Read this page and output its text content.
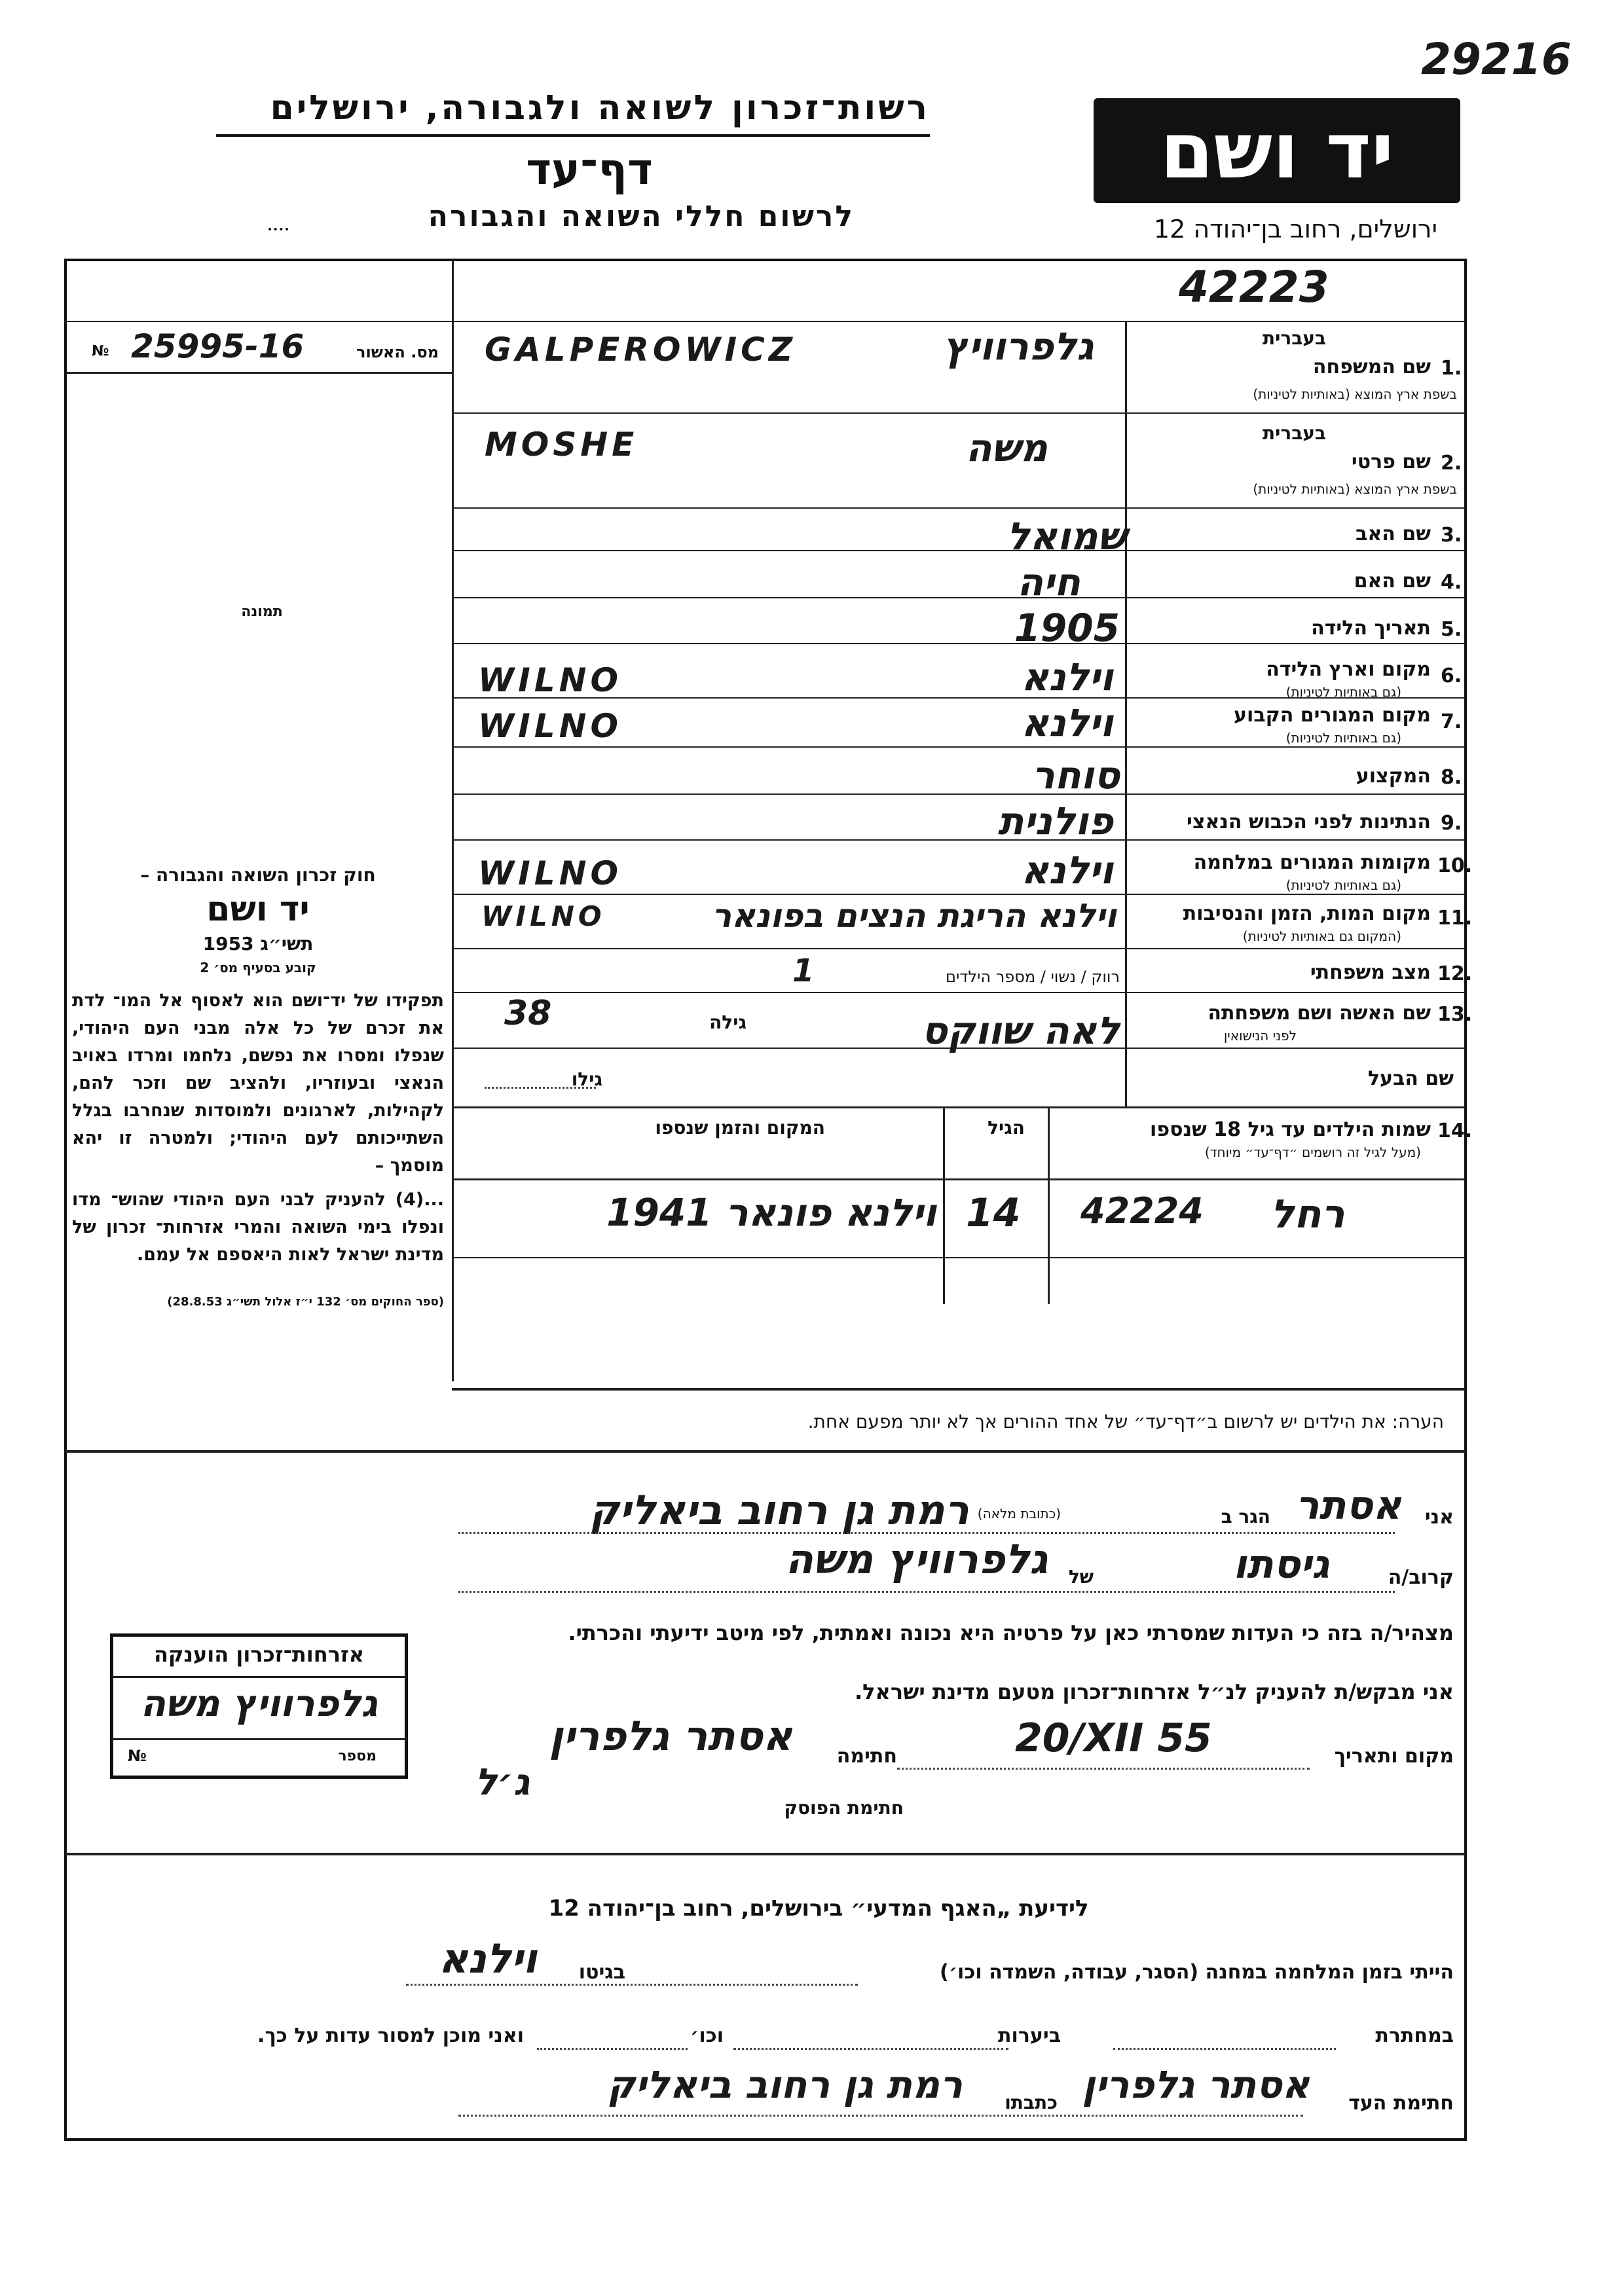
29216
יד ושם
רשות־זכרון לשואה ולגבורה, ירושלים
דף־עד
לרשום חללי השואה והגבורה	ירושלים, רחוב בן־יהודה 12
42223
№ 25995-16	מס. האשור
תמונה

חוק זכרון השואה והגבורה –

יד ושם

תשי״ג 1953

קובע בסעיף מס׳ 2

תפקידו של יד־ושם הוא לאסוף אל המו־ לדת את זכרם של כל אלה מבני העם היהודי, שנפלו ומסרו את נפשם, נלחמו ומרדו באויב הנאצי ובעוזריו, ולהציב שם וזכר להם, לקהילות, לארגונים ולמוסדות שנחרבו בגלל השתייכותם לעם היהודי; ולמטרה זו יהא מוסמך –

...(4) להעניק לבני העם היהודי שהוש־ מדו ונפלו בימי השואה והמרי אזרחות־ זכרון של מדינת ישראל לאות היאספם אל עמם.

(ספר החוקים מס׳ 132 י״ז אלול תשי״ג 28.8.53)

בעברית
1.
שם המשפחה
בשפת ארץ המוצא (באותיות לטיניות)
גלפרוויץ
GALPEROWICZ
בעברית
2.
שם פרטי
בשפת ארץ המוצא (באותיות לטיניות)
משה
MOSHE
3.
שם האב
שמואל
4.
שם האם
חיה
5.
תאריך הלידה
1905
6.
מקום וארץ הלידה
(גם באותיות לטיניות)
וילנא
WILNO
7.
מקום המגורים הקבוע
(גם באותיות לטיניות)
וילנא
WILNO
8.
המקצוע
סוחר
9.
הנתינות לפני הכבוש הנאצי
פולנית
10.
מקומות המגורים במלחמה
(גם באותיות לטיניות)
וילנא
WILNO
11.
מקום המות, הזמן והנסיבות
(המקום גם באותיות לטיניות)
וילנא הריגת הנצים בפונאר
WILNO
12.
מצב משפחתי
רווק / נשוי / מספר הילדים
1
13.
שם האשה ושם משפחתה
לפני הנישואין
לאה שווקס
גילה
38
שם הבעל
גילו
14.
שמות הילדים עד גיל 18 שנספו
(מעל לגיל זה רושמים ״דף־עד״ מיוחד)
הגיל
המקום והזמן שנספו
רחל
42224
14
וילנא פונאר 1941
הערה: את הילדים יש לרשום ב״דף־עד״ של אחד ההורים אך לא יותר מפעם אחת.
אני
אסתר
הגר ב
(כתובת מלאה)
רמת גן רחוב ביאליק
קרוב/ה
גיסתו
של
גלפרוויץ משה
מצהיר/ה בזה כי העדות שמסרתי כאן על פרטיה היא נכונה ואמתית, לפי מיטב ידיעתי והכרתי.
אני מבקש/ת להעניק לנ״ל אזרחות־זכרון מטעם מדינת ישראל.
מקום ותאריך
20/XII 55
חתימה
אסתר גלפרין
חתימת הפוסק
ג׳ל
אזרחות־זכרון הוענקה
גלפרוויץ משה
מספר
№
לידיעת „האגף המדעי״ בירושלים, רחוב בן־יהודה 12
הייתי בזמן המלחמה במחנה (הסגר, עבודה, השמדה וכו׳)
בגיטו
וילנא
במחתרת
ביערות
וכו׳
ואני מוכן למסור עדות על כך.
חתימת העד
אסתר גלפרין
כתבתו
רמת גן רחוב ביאליק
